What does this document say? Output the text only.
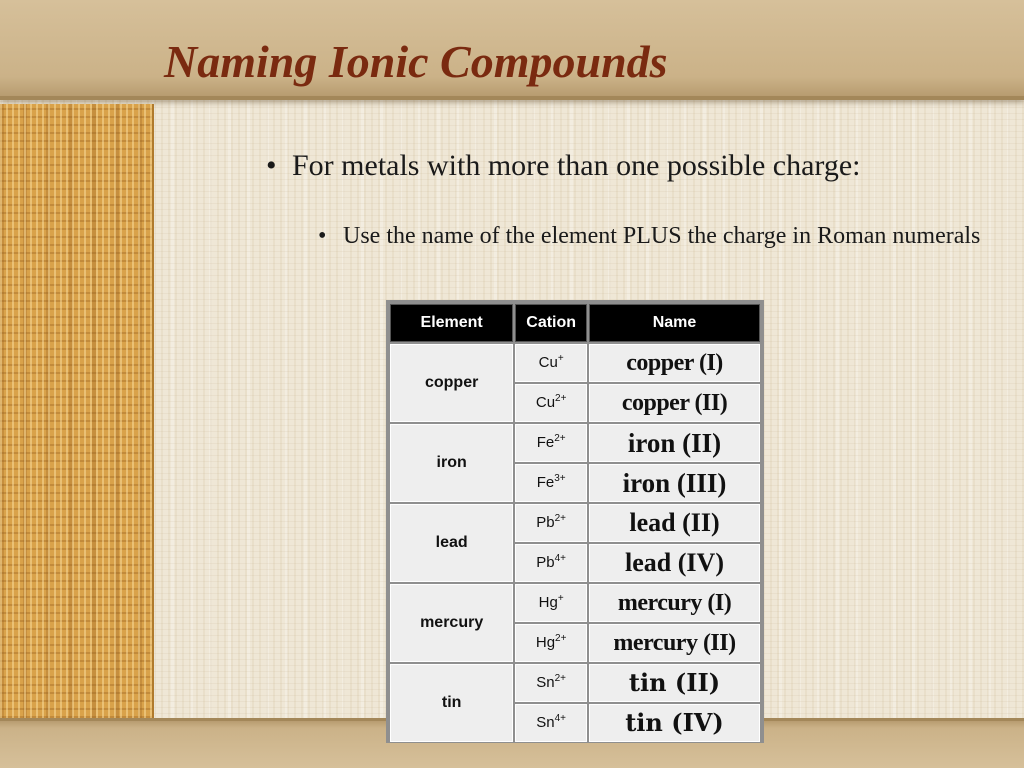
Naming Ionic Compounds
• For metals with more than one possible charge:
• Use the name of the element PLUS the charge in Roman numerals
Element	Cation	Name
copper	Cu+	copper (I)
	$Cu^{2+}$	copper (II)
iron	$Fe^{2+}$	iron (II)
	$Fe^{3+}$	iron (III)
lead	$Pb^{2+}$	lead (II)
	$Pb^{4+}$	lead (IV)
mercury	Hg+	mercury (I)
	$Hg^{2+}$	mercury (II)
tin	$Sn^{2+}$	tin (II)
	$Sn^{4+}$	tin (IV)
